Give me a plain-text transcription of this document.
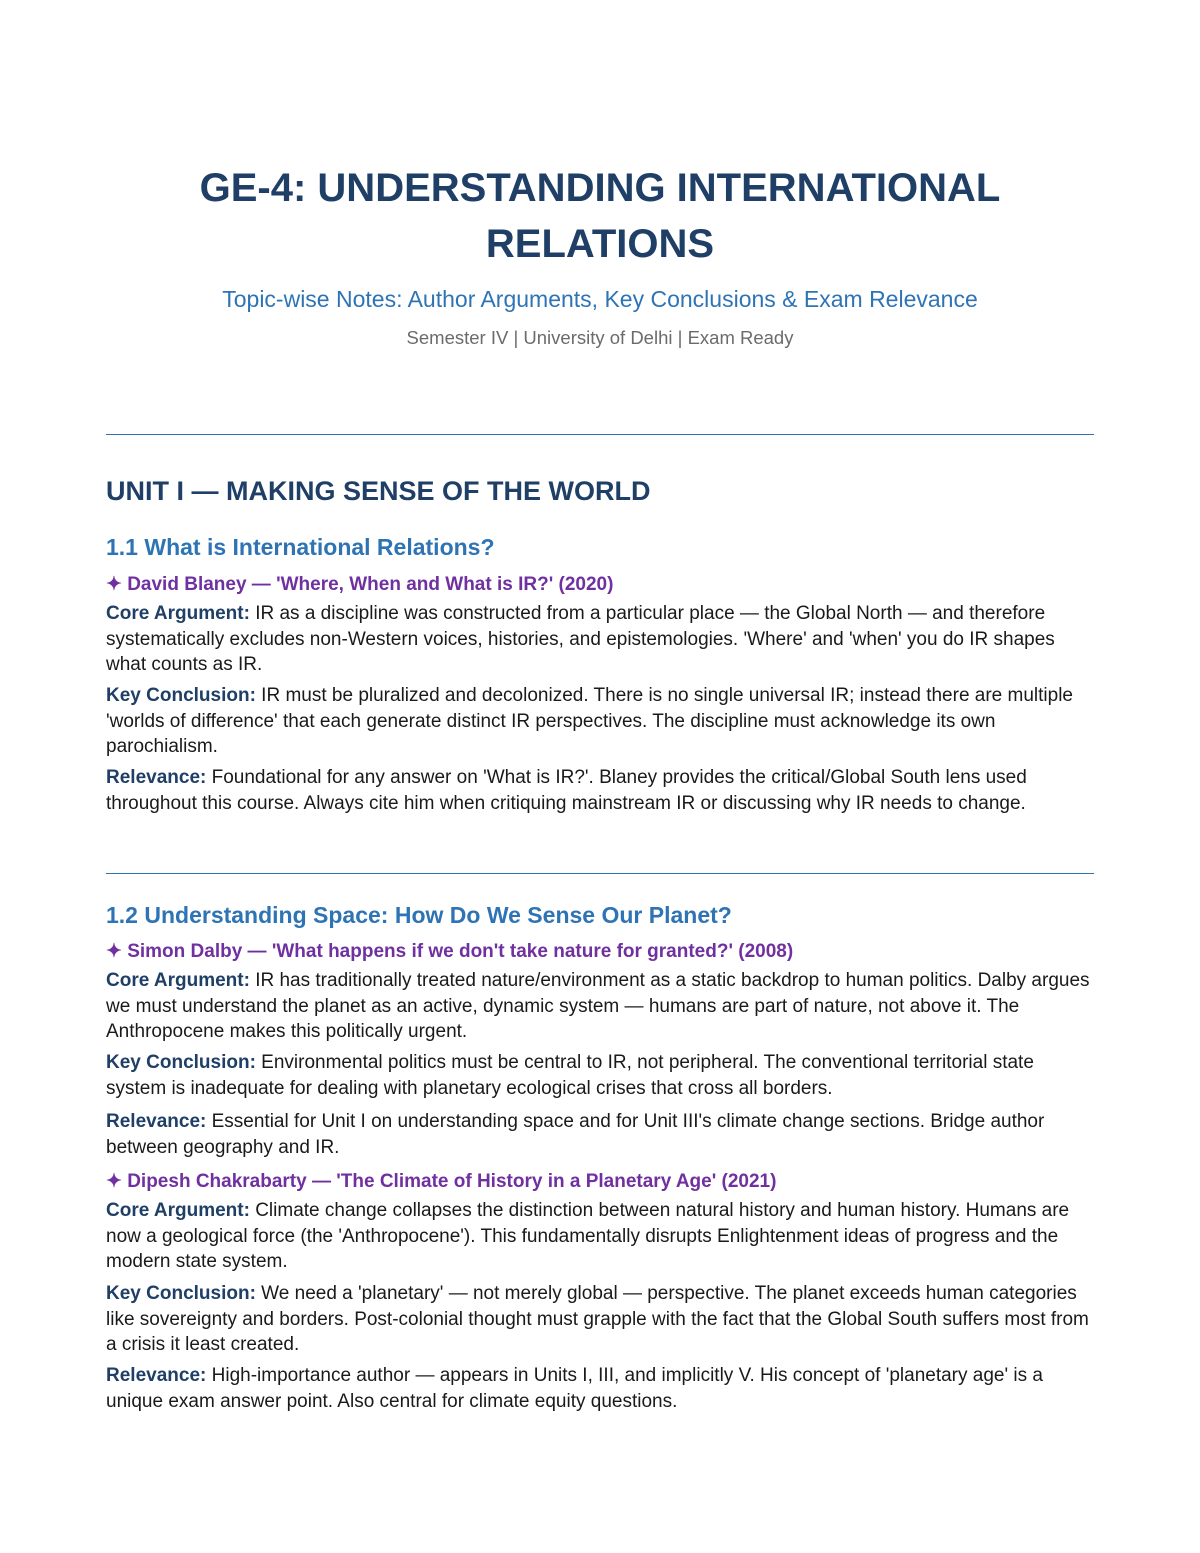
GE-4: UNDERSTANDING INTERNATIONAL
RELATIONS

Topic-wise Notes: Author Arguments, Key Conclusions & Exam Relevance

Semester IV | University of Delhi | Exam Ready

UNIT I — MAKING SENSE OF THE WORLD
1.1 What is International Relations?

✦ David Blaney — 'Where, When and What is IR?' (2020)

Core Argument: IR as a discipline was constructed from a particular place — the Global North — and therefore systematically excludes non-Western voices, histories, and epistemologies. 'Where' and 'when' you do IR shapes what counts as IR.

Key Conclusion: IR must be pluralized and decolonized. There is no single universal IR; instead there are multiple 'worlds of difference' that each generate distinct IR perspectives. The discipline must acknowledge its own parochialism.

Relevance: Foundational for any answer on 'What is IR?'. Blaney provides the critical/Global South lens used throughout this course. Always cite him when critiquing mainstream IR or discussing why IR needs to change.

1.2 Understanding Space: How Do We Sense Our Planet?

✦ Simon Dalby — 'What happens if we don't take nature for granted?' (2008)

Core Argument: IR has traditionally treated nature/environment as a static backdrop to human politics. Dalby argues we must understand the planet as an active, dynamic system — humans are part of nature, not above it. The Anthropocene makes this politically urgent.

Key Conclusion: Environmental politics must be central to IR, not peripheral. The conventional territorial state system is inadequate for dealing with planetary ecological crises that cross all borders.

Relevance: Essential for Unit I on understanding space and for Unit III's climate change sections. Bridge author between geography and IR.

✦ Dipesh Chakrabarty — 'The Climate of History in a Planetary Age' (2021)

Core Argument: Climate change collapses the distinction between natural history and human history. Humans are now a geological force (the 'Anthropocene'). This fundamentally disrupts Enlightenment ideas of progress and the modern state system.

Key Conclusion: We need a 'planetary' — not merely global — perspective. The planet exceeds human categories like sovereignty and borders. Post-colonial thought must grapple with the fact that the Global South suffers most from a crisis it least created.

Relevance: High-importance author — appears in Units I, III, and implicitly V. His concept of 'planetary age' is a unique exam answer point. Also central for climate equity questions.
